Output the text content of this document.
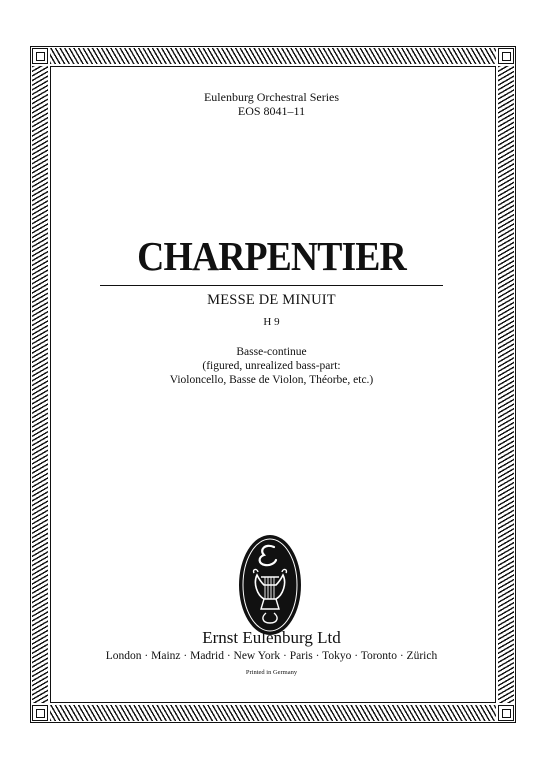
Eulenburg Orchestral Series
EOS 8041–11
CHARPENTIER
MESSE DE MINUIT
H 9
Basse-continue
(figured, unrealized bass-part:
Violoncello, Basse de Violon, Théorbe, etc.)
Ernst Eulenburg Ltd
London · Mainz · Madrid · New York · Paris · Tokyo · Toronto · Zürich
Printed in Germany
